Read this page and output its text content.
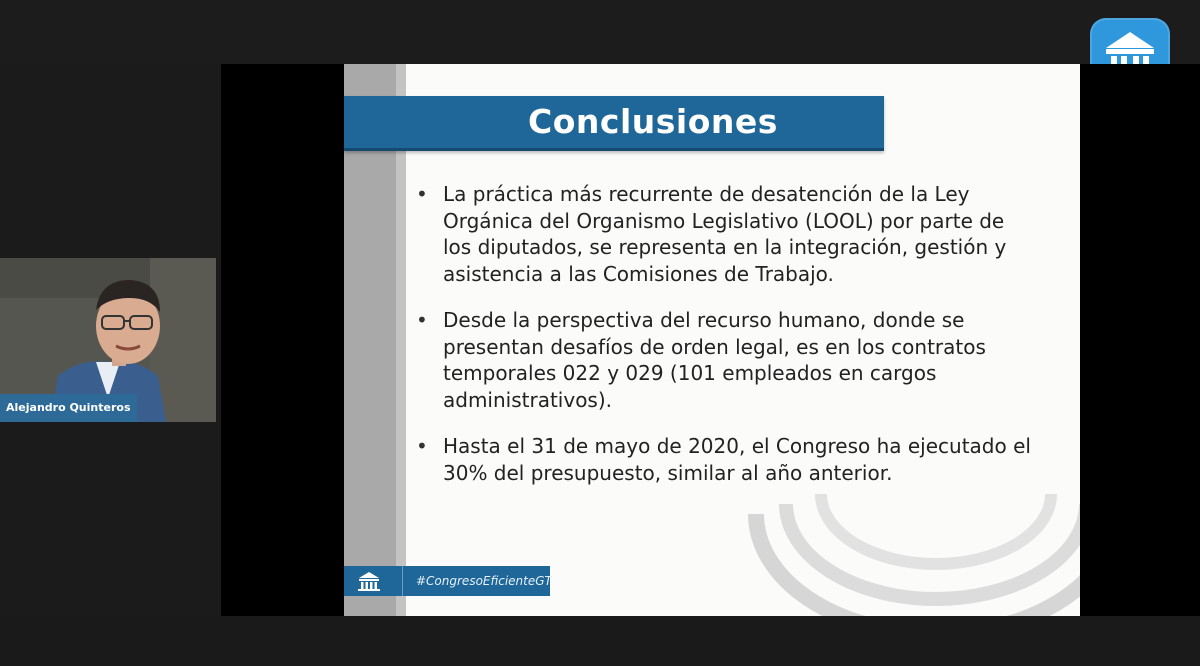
Conclusiones
• La práctica más recurrente de desatención de la Ley
Orgánica del Organismo Legislativo (LOOL) por parte de
los diputados, se representa en la integración, gestión y
asistencia a las Comisiones de Trabajo.
• Desde la perspectiva del recurso humano, donde se
presentan desafíos de orden legal, es en los contratos
temporales 022 y 029 (101 empleados en cargos
administrativos).
• Hasta el 31 de mayo de 2020, el Congreso ha ejecutado el
30% del presupuesto, similar al año anterior.
#CongresoEficienteGT
Alejandro Quinteros
